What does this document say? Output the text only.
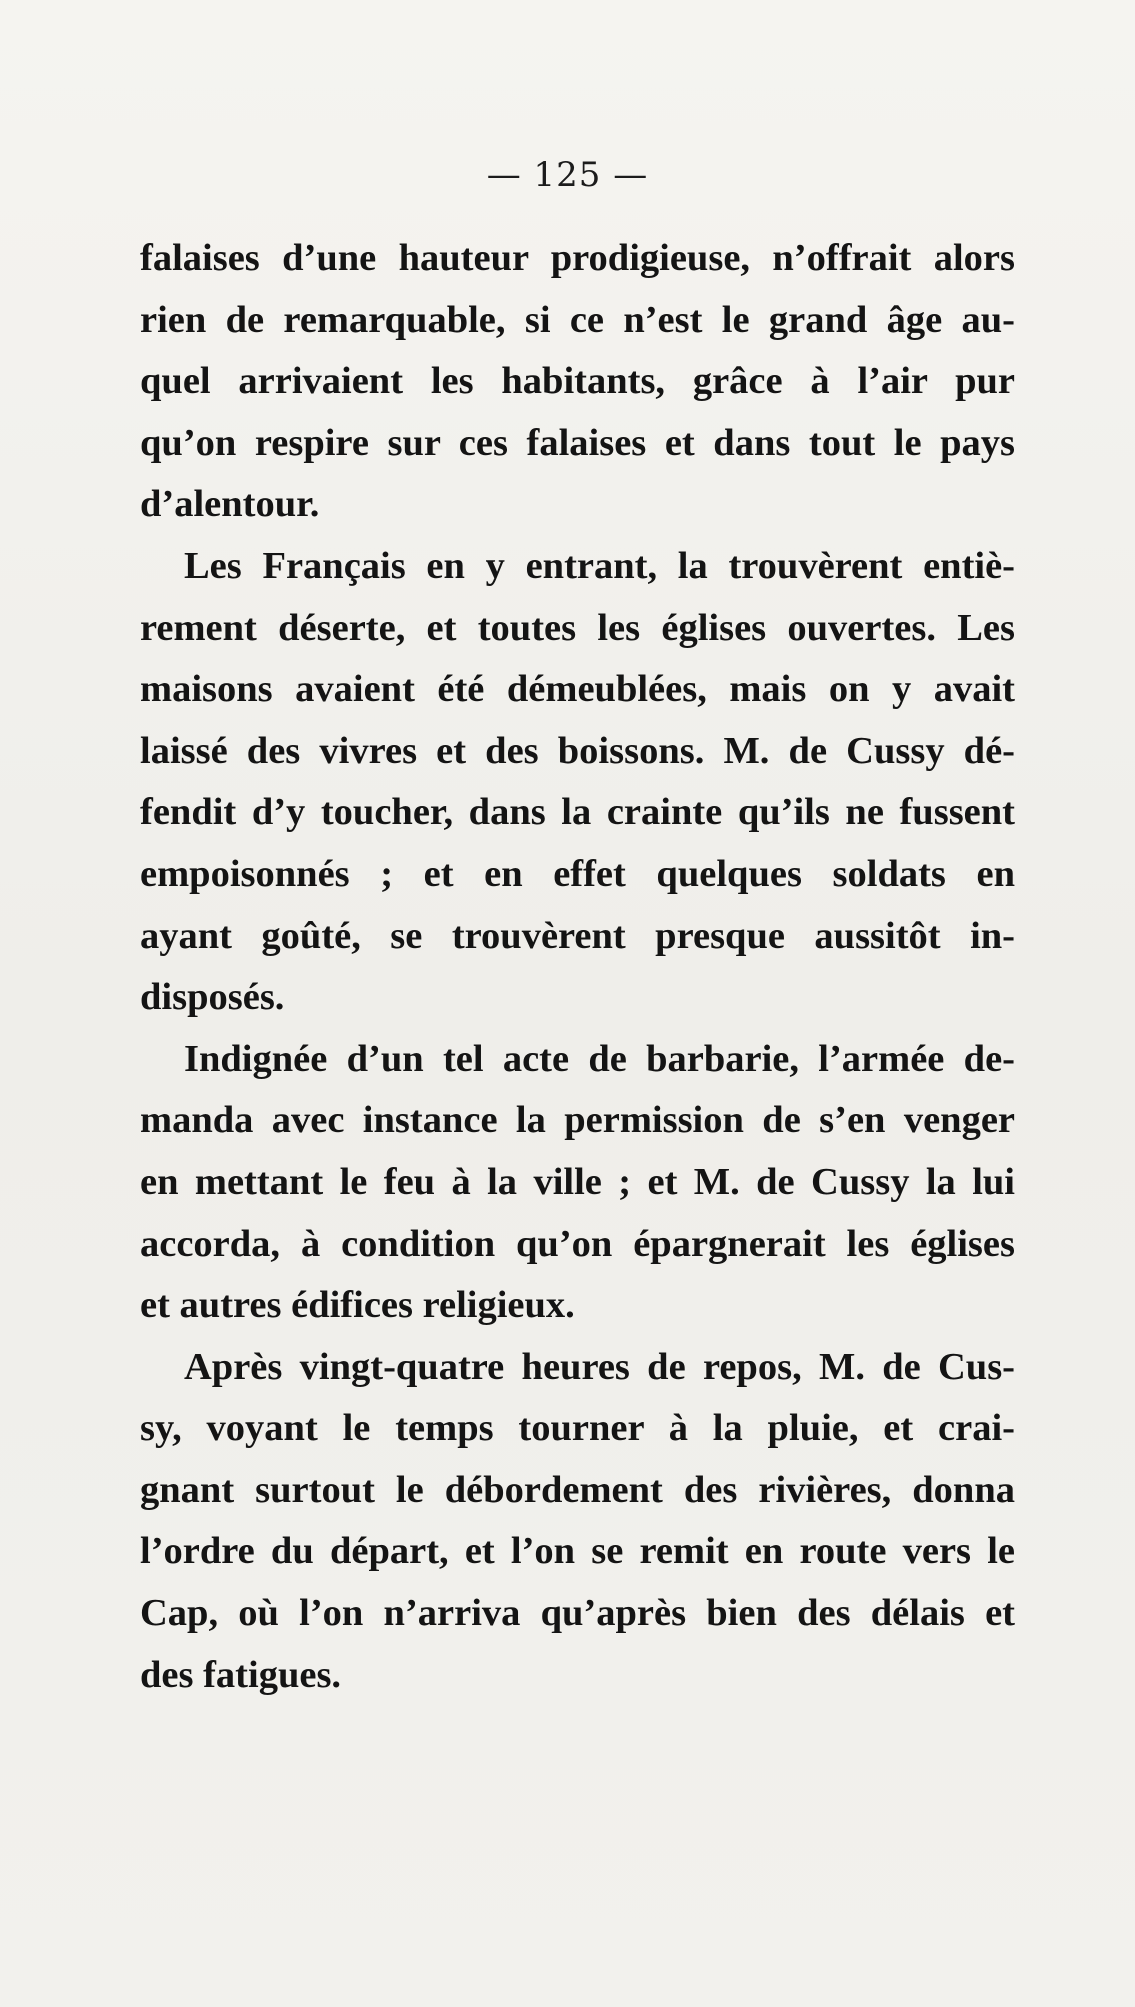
— 125 —
falaises d’une hauteur prodigieuse, n’offrait alors
rien de remarquable, si ce n’est le grand âge au-
quel arrivaient les habitants, grâce à l’air pur
qu’on respire sur ces falaises et dans tout le pays
d’alentour.
Les Français en y entrant, la trouvèrent entiè-
rement déserte, et toutes les églises ouvertes. Les
maisons avaient été démeublées, mais on y avait
laissé des vivres et des boissons. M. de Cussy dé-
fendit d’y toucher, dans la crainte qu’ils ne fussent
empoisonnés ; et en effet quelques soldats en
ayant goûté, se trouvèrent presque aussitôt in-
disposés.
Indignée d’un tel acte de barbarie, l’armée de-
manda avec instance la permission de s’en venger
en mettant le feu à la ville ; et M. de Cussy la lui
accorda, à condition qu’on épargnerait les églises
et autres édifices religieux.
Après vingt-quatre heures de repos, M. de Cus-
sy, voyant le temps tourner à la pluie, et crai-
gnant surtout le débordement des rivières, donna
l’ordre du départ, et l’on se remit en route vers le
Cap, où l’on n’arriva qu’après bien des délais et
des fatigues.
